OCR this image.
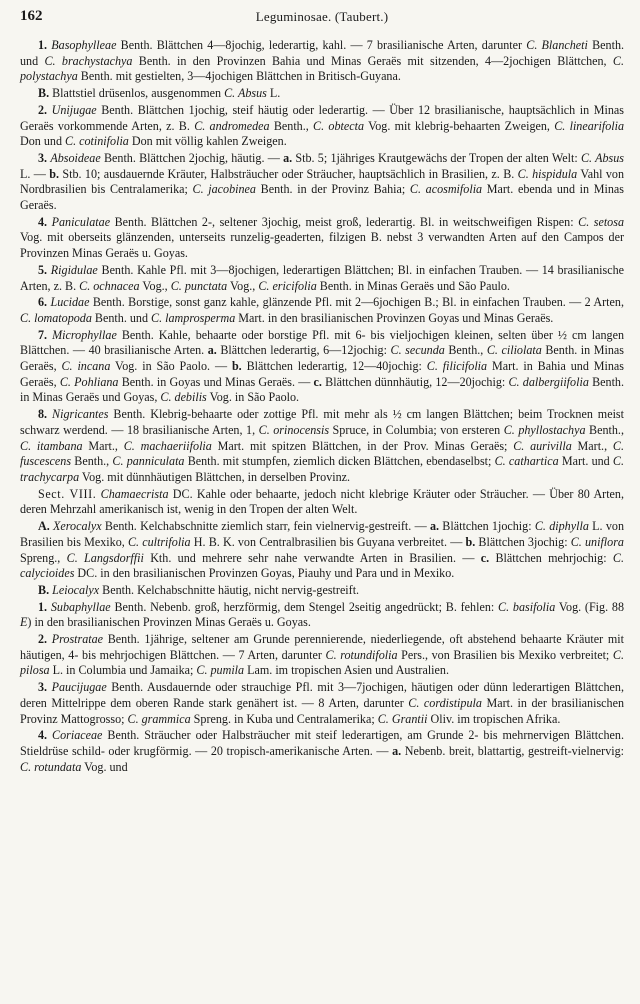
162	Leguminosae. (Taubert.)

1. Basophylleae Benth. Blättchen 4—8jochig, lederartig, kahl. — 7 brasilianische Arten, darunter C. Blancheti Benth. und C. brachystachya Benth. in den Provinzen Bahia und Minas Geraës mit sitzenden, 4—2jochigen Blättchen, C. polystachya Benth. mit gestielten, 3—4jochigen Blättchen in Britisch-Guyana.

B. Blattstiel drüsenlos, ausgenommen C. Absus L.

2. Unijugae Benth. Blättchen 1jochig, steif häutig oder lederartig. — Über 12 brasilianische, hauptsächlich in Minas Geraës vorkommende Arten, z. B. C. andromedea Benth., C. obtecta Vog. mit klebrig-behaarten Zweigen, C. linearifolia Don und C. cotinifolia Don mit völlig kahlen Zweigen.

3. Absoideae Benth. Blättchen 2jochig, häutig. — a. Stb. 5; 1jähriges Krautgewächs der Tropen der alten Welt: C. Absus L. — b. Stb. 10; ausdauernde Kräuter, Halbsträucher oder Sträucher, hauptsächlich in Brasilien, z. B. C. hispidula Vahl von Nordbrasilien bis Centralamerika; C. jacobinea Benth. in der Provinz Bahia; C. acosmifolia Mart. ebenda und in Minas Geraës.

4. Paniculatae Benth. Blättchen 2-, seltener 3jochig, meist groß, lederartig. Bl. in weitschweifigen Rispen: C. setosa Vog. mit oberseits glänzenden, unterseits runzelig-geaderten, filzigen B. nebst 3 verwandten Arten auf den Campos der Provinzen Minas Geraës u. Goyas.

5. Rigidulae Benth. Kahle Pfl. mit 3—8jochigen, lederartigen Blättchen; Bl. in einfachen Trauben. — 14 brasilianische Arten, z. B. C. ochnacea Vog., C. punctata Vog., C. ericifolia Benth. in Minas Geraës und São Paulo.

6. Lucidae Benth. Borstige, sonst ganz kahle, glänzende Pfl. mit 2—6jochigen B.; Bl. in einfachen Trauben. — 2 Arten, C. lomatopoda Benth. und C. lamprosperma Mart. in den brasilianischen Provinzen Goyas und Minas Geraës.

7. Microphyllae Benth. Kahle, behaarte oder borstige Pfl. mit 6- bis vieljochigen kleinen, selten über ½ cm langen Blättchen. — 40 brasilianische Arten. a. Blättchen lederartig, 6—12jochig: C. secunda Benth., C. ciliolata Benth. in Minas Geraës, C. incana Vog. in São Paolo. — b. Blättchen lederartig, 12—40jochig: C. filicifolia Mart. in Bahia und Minas Geraës, C. Pohliana Benth. in Goyas und Minas Geraës. — c. Blättchen dünnhäutig, 12—20jochig: C. dalbergiifolia Benth. in Minas Geraës und Goyas, C. debilis Vog. in São Paolo.

8. Nigricantes Benth. Klebrig-behaarte oder zottige Pfl. mit mehr als ½ cm langen Blättchen; beim Trocknen meist schwarz werdend. — 18 brasilianische Arten, 1, C. orinocensis Spruce, in Columbia; von ersteren C. phyllostachya Benth., C. itambana Mart., C. machaeriifolia Mart. mit spitzen Blättchen, in der Prov. Minas Geraës; C. aurivilla Mart., C. fuscescens Benth., C. panniculata Benth. mit stumpfen, ziemlich dicken Blättchen, ebendaselbst; C. cathartica Mart. und C. trachycarpa Vog. mit dünnhäutigen Blättchen, in derselben Provinz.

Sect. VIII. Chamaecrista DC. Kahle oder behaarte, jedoch nicht klebrige Kräuter oder Sträucher. — Über 80 Arten, deren Mehrzahl amerikanisch ist, wenig in den Tropen der alten Welt.

A. Xerocalyx Benth. Kelchabschnitte ziemlich starr, fein vielnervig-gestreift. — a. Blättchen 1jochig: C. diphylla L. von Brasilien bis Mexiko, C. cultrifolia H. B. K. von Centralbrasilien bis Guyana verbreitet. — b. Blättchen 3jochig: C. uniflora Spreng., C. Langsdorffii Kth. und mehrere sehr nahe verwandte Arten in Brasilien. — c. Blättchen mehrjochig: C. calycioides DC. in den brasilianischen Provinzen Goyas, Piauhy und Para und in Mexiko.

B. Leiocalyx Benth. Kelchabschnitte häutig, nicht nervig-gestreift.

1. Subaphyllae Benth. Nebenb. groß, herzförmig, dem Stengel 2seitig angedrückt; B. fehlen: C. basifolia Vog. (Fig. 88 E) in den brasilianischen Provinzen Minas Geraës u. Goyas.

2. Prostratae Benth. 1jährige, seltener am Grunde perennierende, niederliegende, oft abstehend behaarte Kräuter mit häutigen, 4- bis mehrjochigen Blättchen. — 7 Arten, darunter C. rotundifolia Pers., von Brasilien bis Mexiko verbreitet; C. pilosa L. in Columbia und Jamaika; C. pumila Lam. im tropischen Asien und Australien.

3. Paucijugae Benth. Ausdauernde oder strauchige Pfl. mit 3—7jochigen, häutigen oder dünn lederartigen Blättchen, deren Mittelrippe dem oberen Rande stark genähert ist. — 8 Arten, darunter C. cordistipula Mart. in der brasilianischen Provinz Mattogrosso; C. grammica Spreng. in Kuba und Centralamerika; C. Grantii Oliv. im tropischen Afrika.

4. Coriaceae Benth. Sträucher oder Halbsträucher mit steif lederartigen, am Grunde 2- bis mehrnervigen Blättchen. Stieldrüse schild- oder krugförmig. — 20 tropisch-amerikanische Arten. — a. Nebenb. breit, blattartig, gestreift-vielnervig: C. rotundata Vog. und
